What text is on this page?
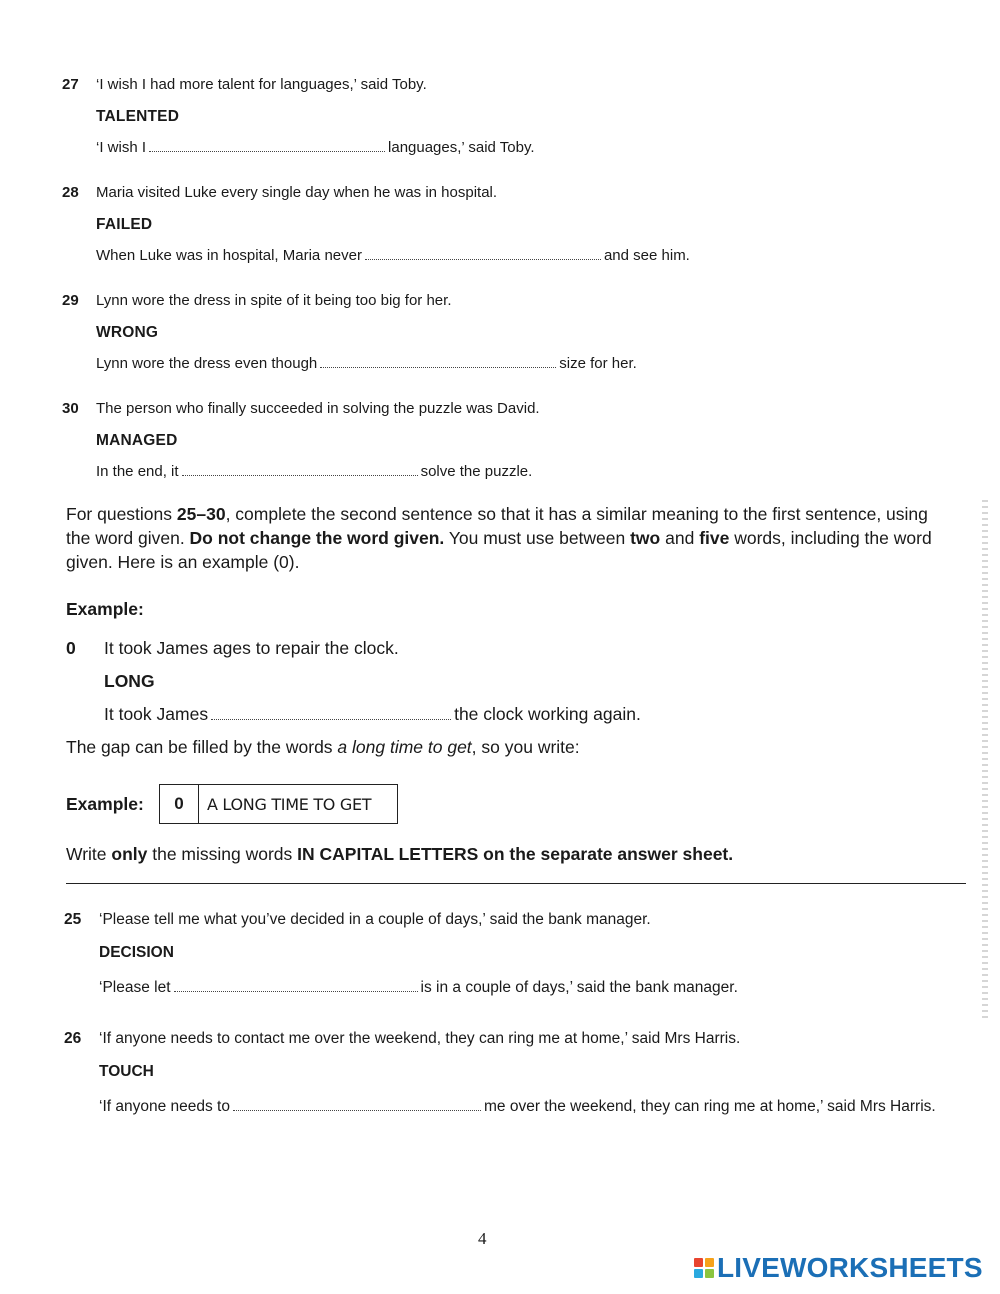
27 ‘I wish I had more talent for languages,’ said Toby.
TALENTED
‘I wish I	languages,’ said Toby.
28 Maria visited Luke every single day when he was in hospital.
FAILED
When Luke was in hospital, Maria never	and see him.
29 Lynn wore the dress in spite of it being too big for her.
WRONG
Lynn wore the dress even though	size for her.
30 The person who finally succeeded in solving the puzzle was David.
MANAGED
In the end, it	solve the puzzle.
For questions 25–30, complete the second sentence so that it has a similar meaning to the first sentence, using the word given. Do not change the word given. You must use between two and five words, including the word given. Here is an example (0).
Example:
0 It took James ages to repair the clock.
LONG
It took James	the clock working again.
The gap can be filled by the words a long time to get, so you write:
Example:	0	A LONG TIME TO GET
Write only the missing words IN CAPITAL LETTERS on the separate answer sheet.
25 ‘Please tell me what you’ve decided in a couple of days,’ said the bank manager.
DECISION
‘Please let	is in a couple of days,’ said the bank manager.
26 ‘If anyone needs to contact me over the weekend, they can ring me at home,’ said Mrs Harris.
TOUCH
‘If anyone needs to	me over the weekend, they can ring me at home,’ said Mrs Harris.
4
LIVEWORKSHEETS
